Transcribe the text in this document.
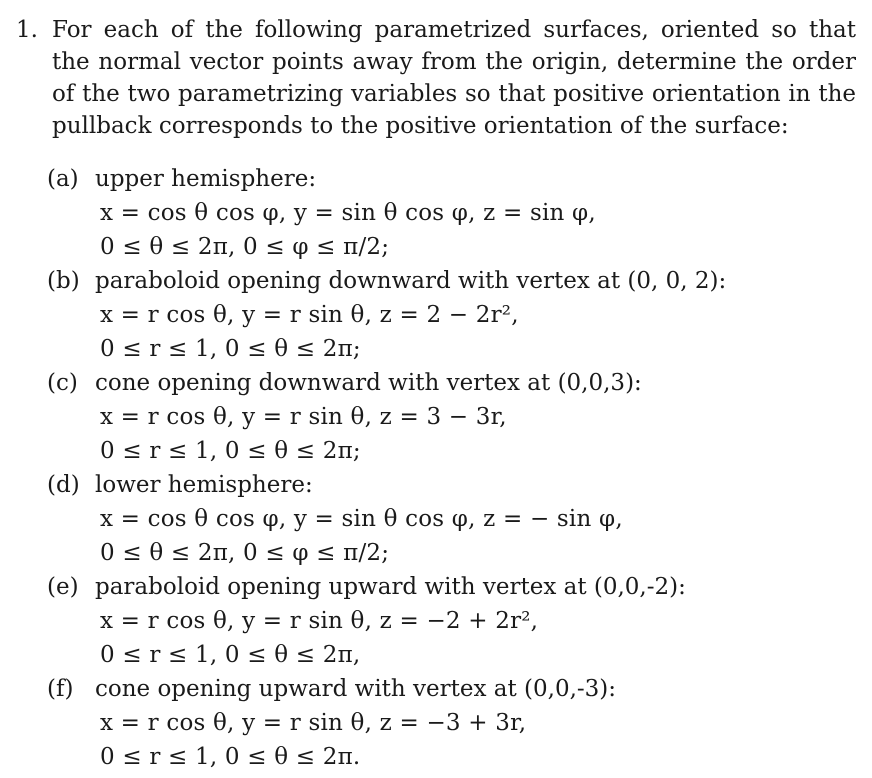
1. For each of the following parametrized surfaces, oriented so that the normal vector points away from the origin, determine the order of the two parametrizing variables so that positive orientation in the pullback corresponds to the positive orientation of the surface:
(a) upper hemisphere:
x = cos θ cos φ, y = sin θ cos φ, z = sin φ,
0 ≤ θ ≤ 2π, 0 ≤ φ ≤ π/2;
(b) paraboloid opening downward with vertex at (0, 0, 2):
x = r cos θ, y = r sin θ, z = 2 − 2r²,
0 ≤ r ≤ 1, 0 ≤ θ ≤ 2π;
(c) cone opening downward with vertex at (0,0,3):
x = r cos θ, y = r sin θ, z = 3 − 3r,
0 ≤ r ≤ 1, 0 ≤ θ ≤ 2π;
(d) lower hemisphere:
x = cos θ cos φ, y = sin θ cos φ, z = − sin φ,
0 ≤ θ ≤ 2π, 0 ≤ φ ≤ π/2;
(e) paraboloid opening upward with vertex at (0,0,-2):
x = r cos θ, y = r sin θ, z = −2 + 2r²,
0 ≤ r ≤ 1, 0 ≤ θ ≤ 2π,
(f) cone opening upward with vertex at (0,0,-3):
x = r cos θ, y = r sin θ, z = −3 + 3r,
0 ≤ r ≤ 1, 0 ≤ θ ≤ 2π.
